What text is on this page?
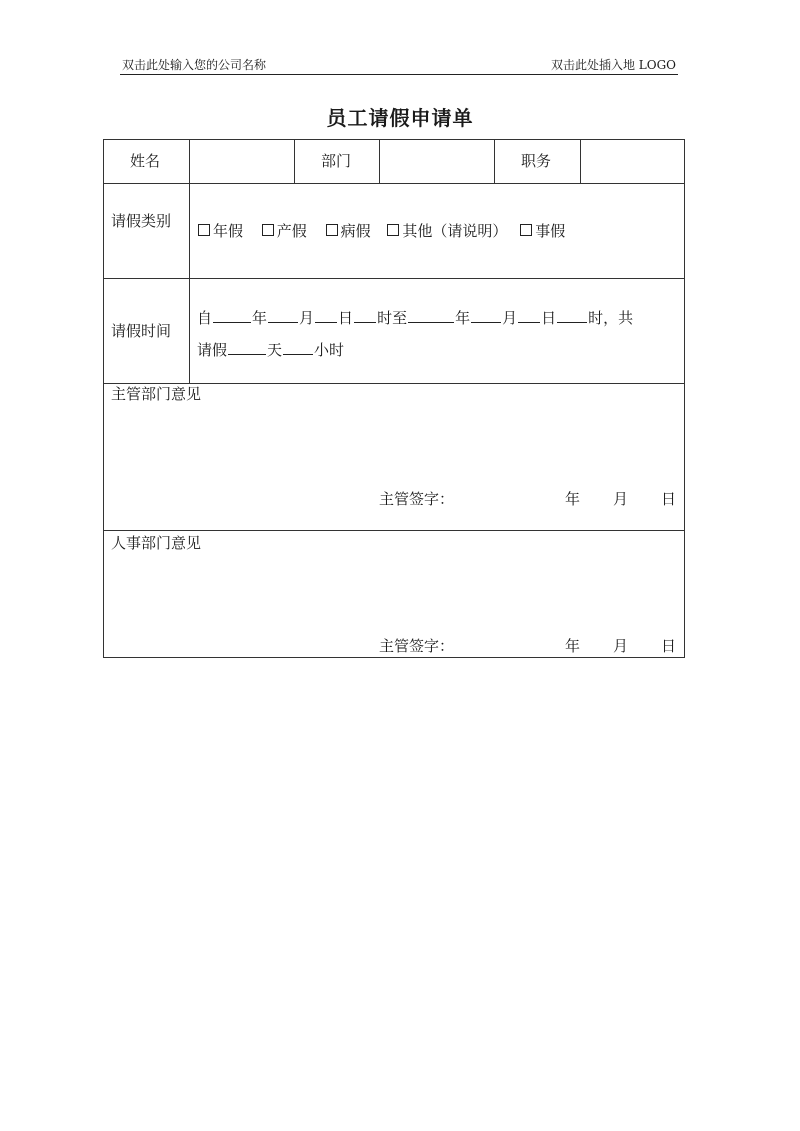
双击此处输入您的公司名称	双击此处插入地 LOGO
员工请假申请单
姓名	部门	职务
请假类别
年假 产假 病假 其他（请说明） 事假
请假时间
自	年 月 日 时至	年 月 日 时，共
请假	天 小时
主管部门意见
主管签字：	年 月 日
人事部门意见
主管签字：	年 月 日
